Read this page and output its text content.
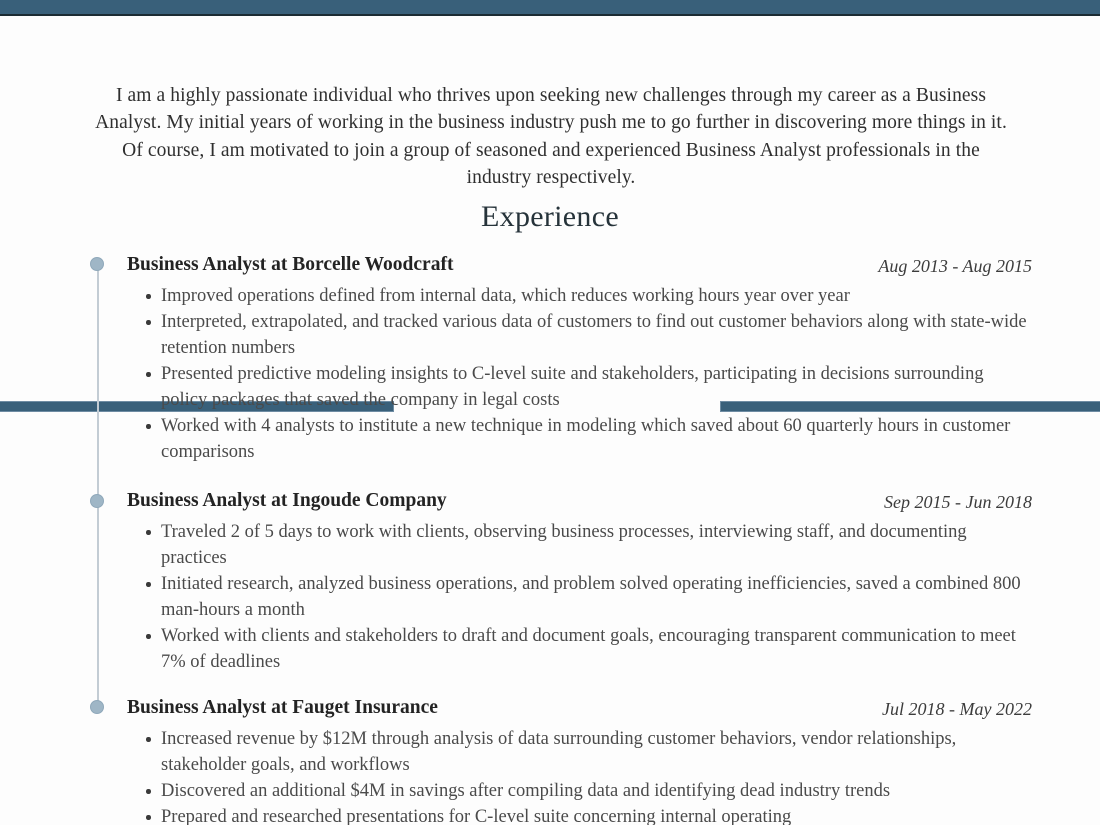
I am a highly passionate individual who thrives upon seeking new challenges through my career as a Business Analyst. My initial years of working in the business industry push me to go further in discovering more things in it. Of course, I am motivated to join a group of seasoned and experienced Business Analyst professionals in the industry respectively.

Experience
Business Analyst at Borcelle Woodcraft	Aug 2013 - Aug 2015
Improved operations defined from internal data, which reduces working hours year over year
Interpreted, extrapolated, and tracked various data of customers to find out customer behaviors along with state-wide retention numbers
Presented predictive modeling insights to C-level suite and stakeholders, participating in decisions surrounding policy packages that saved the company in legal costs
Worked with 4 analysts to institute a new technique in modeling which saved about 60 quarterly hours in customer comparisons
Business Analyst at Ingoude Company	Sep 2015 - Jun 2018
Traveled 2 of 5 days to work with clients, observing business processes, interviewing staff, and documenting practices
Initiated research, analyzed business operations, and problem solved operating inefficiencies, saved a combined 800 man-hours a month
Worked with clients and stakeholders to draft and document goals, encouraging transparent communication to meet 7% of deadlines
Business Analyst at Fauget Insurance	Jul 2018 - May 2022
Increased revenue by $12M through analysis of data surrounding customer behaviors, vendor relationships, stakeholder goals, and workflows
Discovered an additional $4M in savings after compiling data and identifying dead industry trends
Prepared and researched presentations for C-level suite concerning internal operating
